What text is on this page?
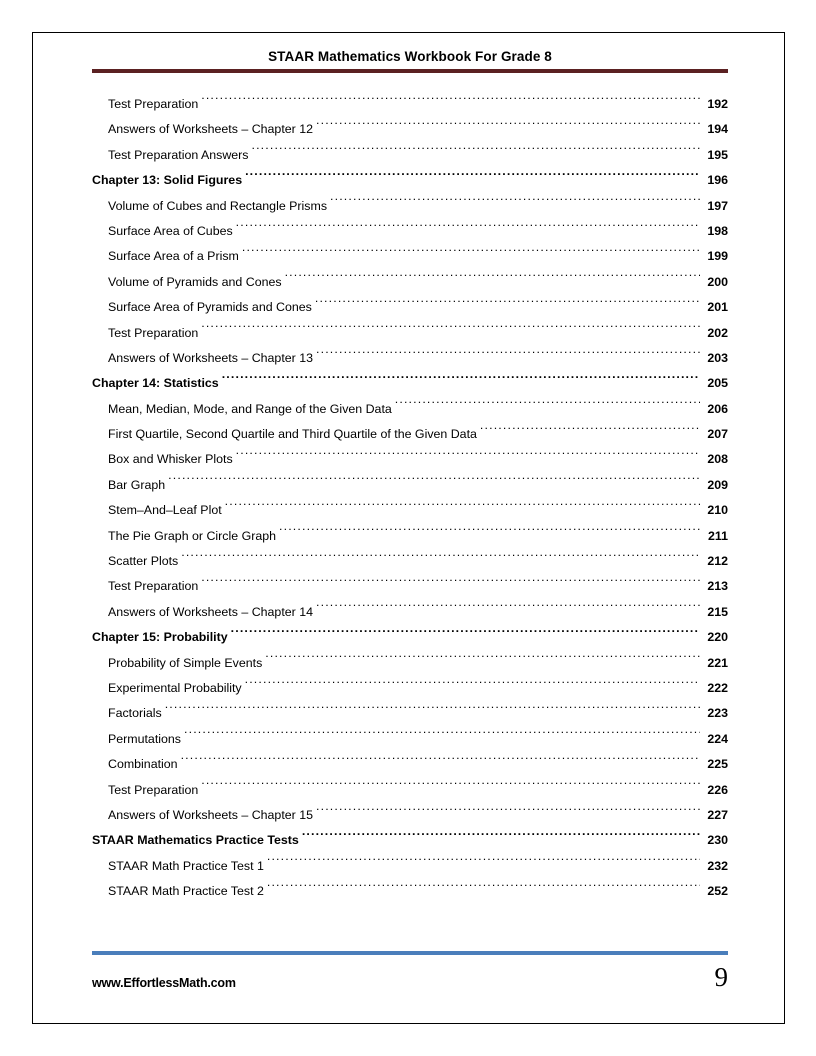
STAAR Mathematics Workbook For Grade 8
Test Preparation .....	192
Answers of Worksheets – Chapter 12 .....	194
Test Preparation Answers .....	195
Chapter 13: Solid Figures .....	196
Volume of Cubes and Rectangle Prisms .....	197
Surface Area of Cubes .....	198
Surface Area of a Prism .....	199
Volume of Pyramids and Cones .....	200
Surface Area of Pyramids and Cones .....	201
Test Preparation .....	202
Answers of Worksheets – Chapter 13 .....	203
Chapter 14: Statistics .....	205
Mean, Median, Mode, and Range of the Given Data .....	206
First Quartile, Second Quartile and Third Quartile of the Given Data .....	207
Box and Whisker Plots .....	208
Bar Graph .....	209
Stem–And–Leaf Plot .....	210
The Pie Graph or Circle Graph .....	211
Scatter Plots .....	212
Test Preparation .....	213
Answers of Worksheets – Chapter 14 .....	215
Chapter 15: Probability .....	220
Probability of Simple Events .....	221
Experimental Probability .....	222
Factorials .....	223
Permutations .....	224
Combination .....	225
Test Preparation .....	226
Answers of Worksheets – Chapter 15 .....	227
STAAR Mathematics Practice Tests .....	230
STAAR Math Practice Test 1 .....	232
STAAR Math Practice Test 2 .....	252
www.EffortlessMath.com	9
